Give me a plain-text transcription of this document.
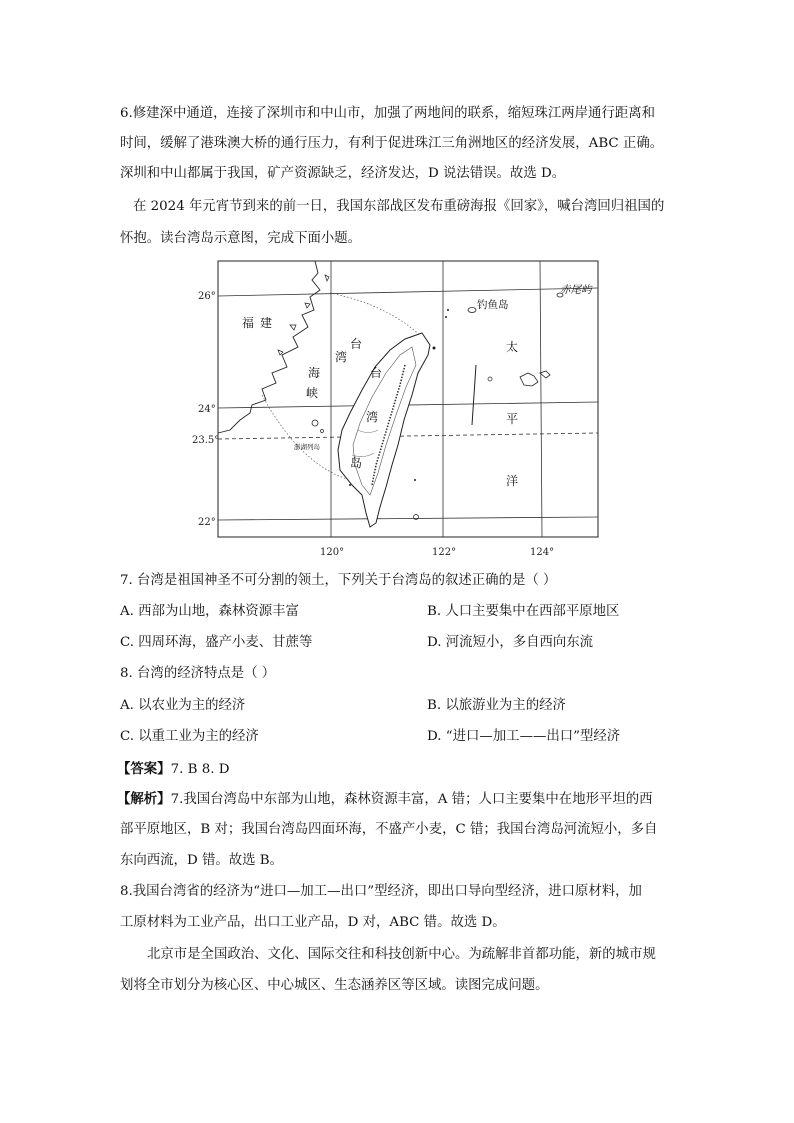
6.修建深中通道，连接了深圳市和中山市，加强了两地间的联系，缩短珠江两岸通行距离和
时间，缓解了港珠澳大桥的通行压力，有利于促进珠江三角洲地区的经济发展，ABC 正确。
深圳和中山都属于我国，矿产资源缺乏，经济发达，D 说法错误。故选 D。
在 2024 年元宵节到来的前一日，我国东部战区发布重磅海报《回家》，喊台湾回归祖国的
怀抱。读台湾岛示意图，完成下面小题。
26°
24°
23.5°
22°
120°	122°	124°
福 建
台
湾
海
峡
台
湾
岛
太
平
洋
钓鱼岛
赤尾屿
澎湖列岛
7. 台湾是祖国神圣不可分割的领土，下列关于台湾岛的叙述正确的是（ ）
A. 西部为山地，森林资源丰富	B. 人口主要集中在西部平原地区
C. 四周环海，盛产小麦、甘蔗等	D. 河流短小，多自西向东流
8. 台湾的经济特点是（ ）
A. 以农业为主的经济	B. 以旅游业为主的经济
C. 以重工业为主的经济	D. “进口—加工——出口”型经济
【答案】7. B 8. D
【解析】7.我国台湾岛中东部为山地，森林资源丰富，A 错；人口主要集中在地形平坦的西
部平原地区，B 对；我国台湾岛四面环海，不盛产小麦，C 错；我国台湾岛河流短小，多自
东向西流，D 错。故选 B。
8.我国台湾省的经济为“进口—加工—出口”型经济，即出口导向型经济，进口原材料，加
工原材料为工业产品，出口工业产品，D 对，ABC 错。故选 D。
北京市是全国政治、文化、国际交往和科技创新中心。为疏解非首都功能，新的城市规
划将全市划分为核心区、中心城区、生态涵养区等区域。读图完成问题。
